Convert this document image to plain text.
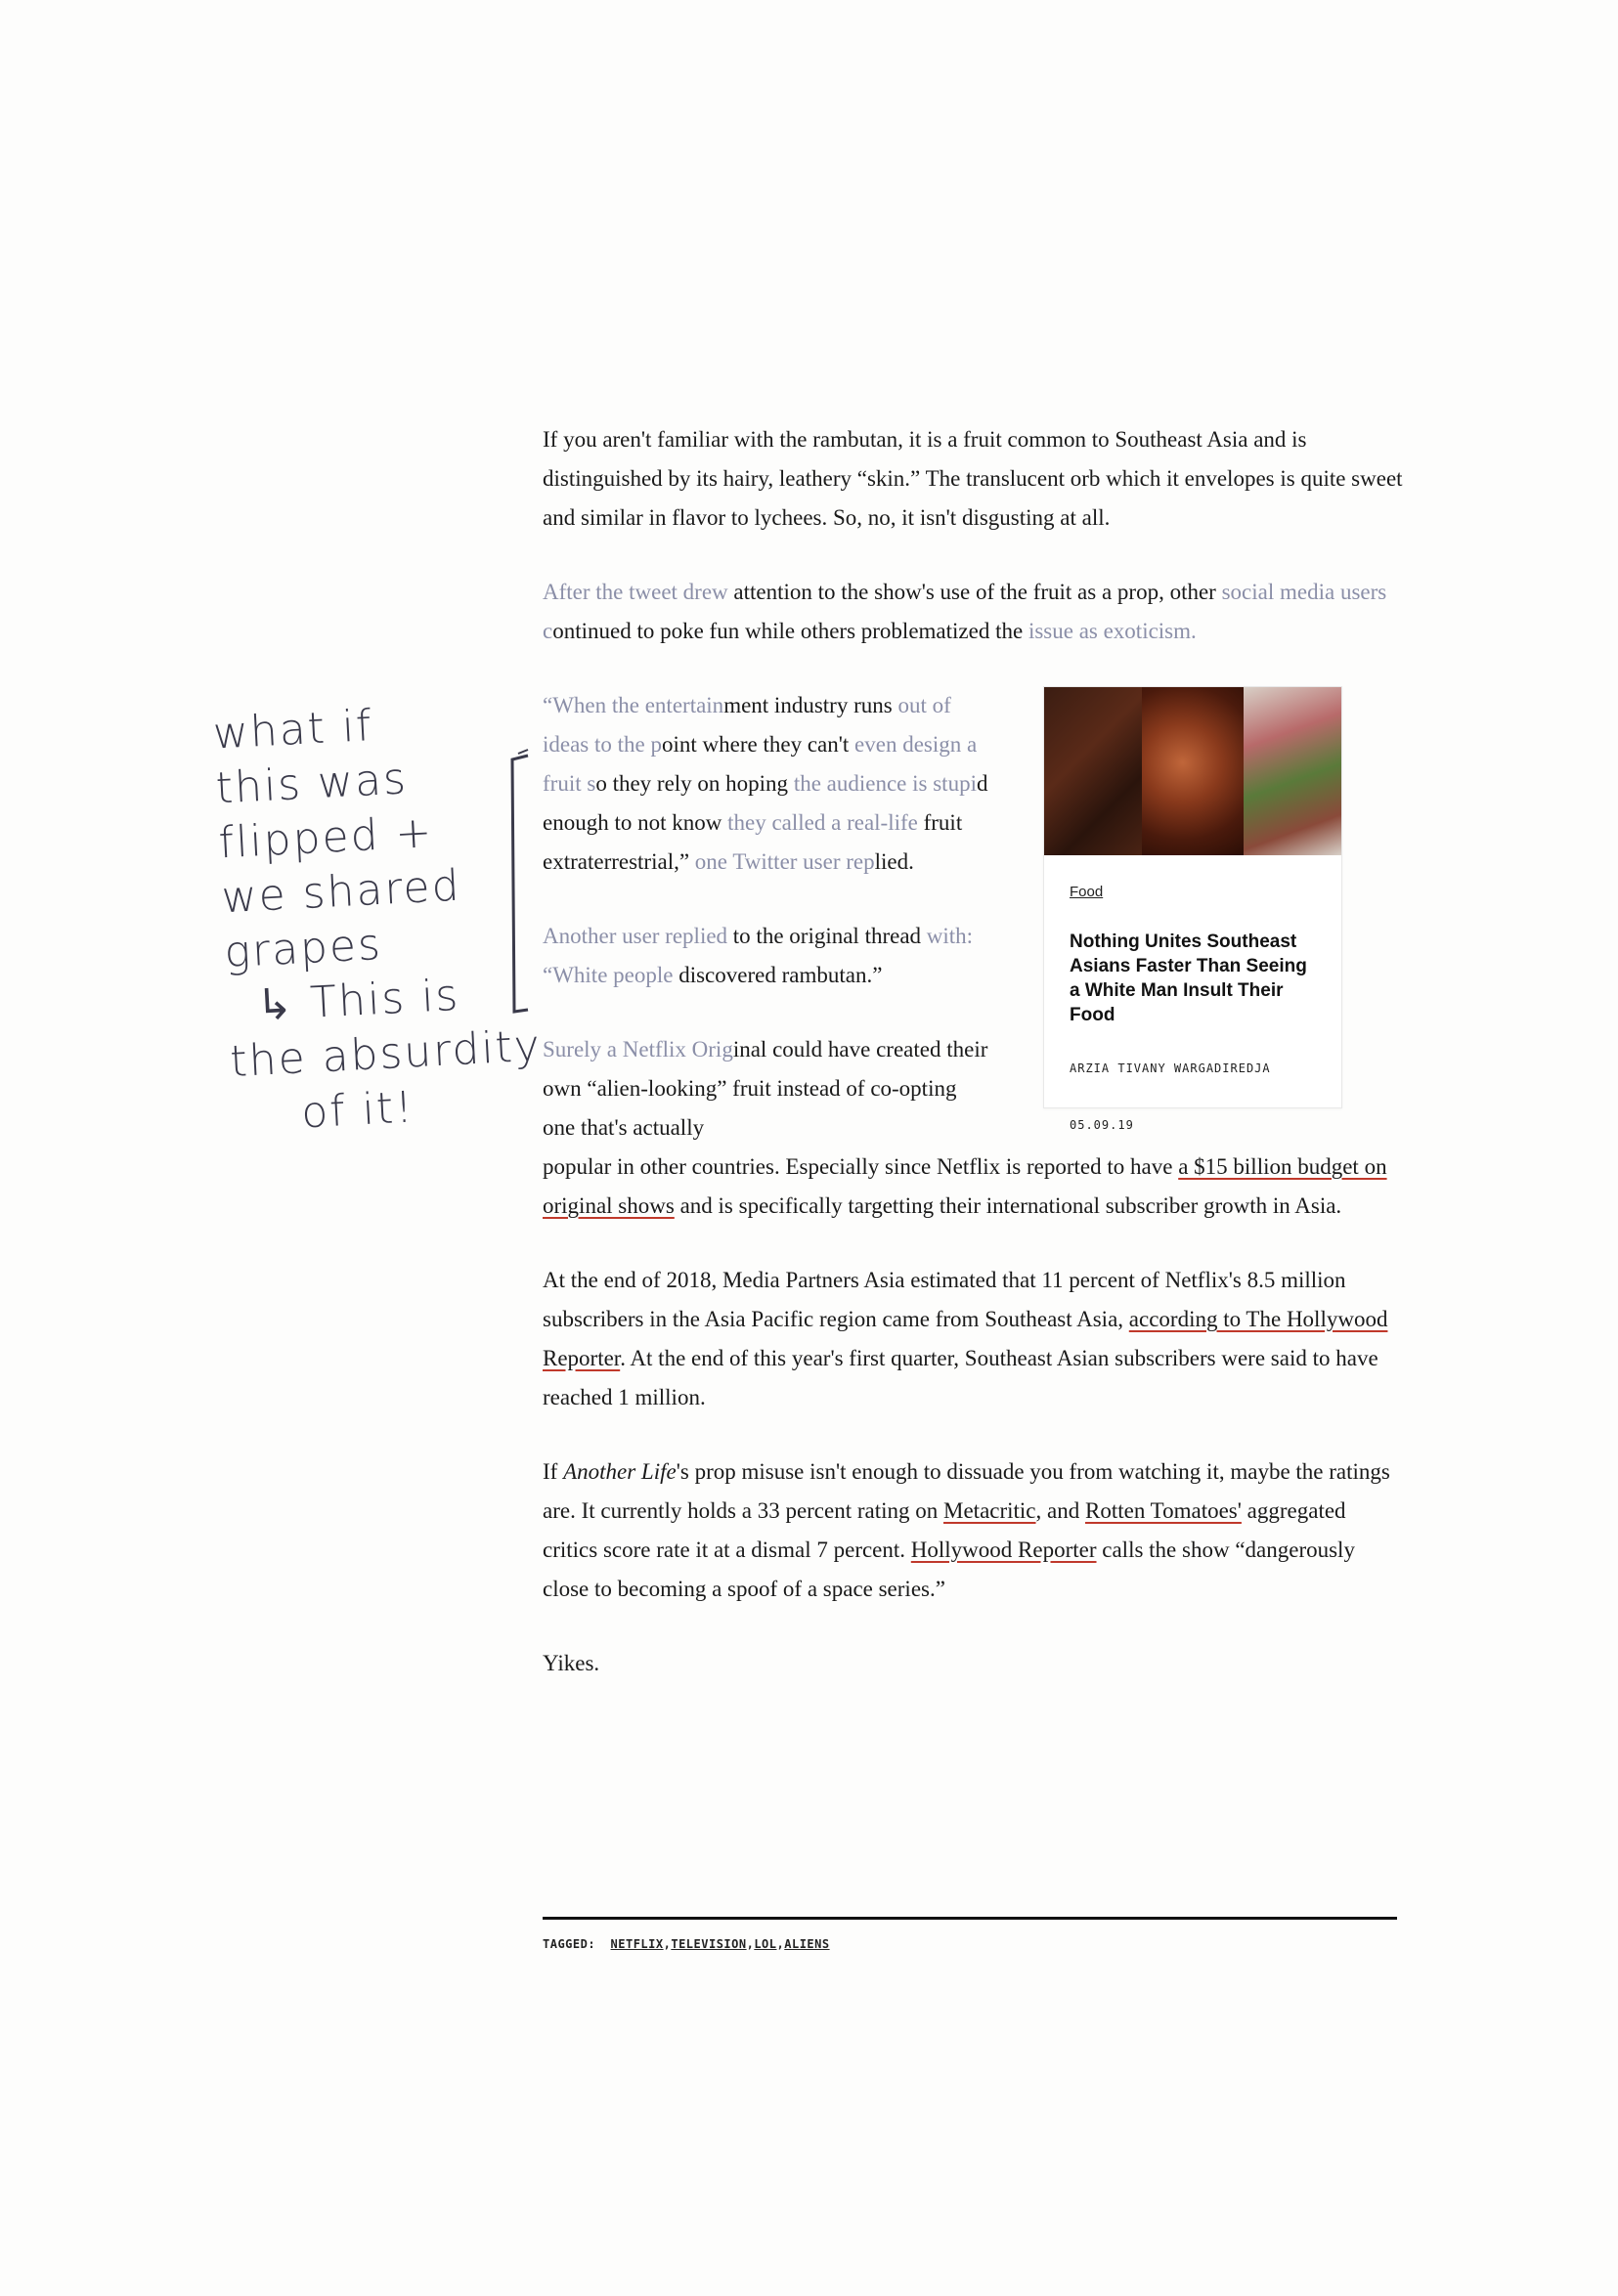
what if
this was
flipped +
we shared
grapes
↳ This is
the absurdity
of it!

If you aren't familiar with the rambutan, it is a fruit common to Southeast Asia and is distinguished by its hairy, leathery “skin.” The translucent orb which it envelopes is quite sweet and similar in flavor to lychees. So, no, it isn't disgusting at all.

After the tweet drew attention to the show's use of the fruit as a prop, other social media users continued to poke fun while others problematized the issue as exoticism.

“When the entertainment industry runs out of ideas to the point where they can't even design a fruit so they rely on hoping the audience is stupid enough to not know they called a real-life fruit extraterrestrial,” one Twitter user replied.

Another user replied to the original thread with: “White people discovered rambutan.”

Surely a Netflix Original could have created their own “alien-looking” fruit instead of co-opting one that's actually

Food
Nothing Unites Southeast Asians Faster Than Seeing a White Man Insult Their Food
ARZIA TIVANY WARGADIREDJA
05.09.19

popular in other countries. Especially since Netflix is reported to have a $15 billion budget on original shows and is specifically targetting their international subscriber growth in Asia.

At the end of 2018, Media Partners Asia estimated that 11 percent of Netflix's 8.5 million subscribers in the Asia Pacific region came from Southeast Asia, according to The Hollywood Reporter. At the end of this year's first quarter, Southeast Asian subscribers were said to have reached 1 million.

If Another Life's prop misuse isn't enough to dissuade you from watching it, maybe the ratings are. It currently holds a 33 percent rating on Metacritic, and Rotten Tomatoes' aggregated critics score rate it at a dismal 7 percent. Hollywood Reporter calls the show “dangerously close to becoming a spoof of a space series.”

Yikes.

TAGGED: NETFLIX,TELEVISION,LOL,ALIENS
